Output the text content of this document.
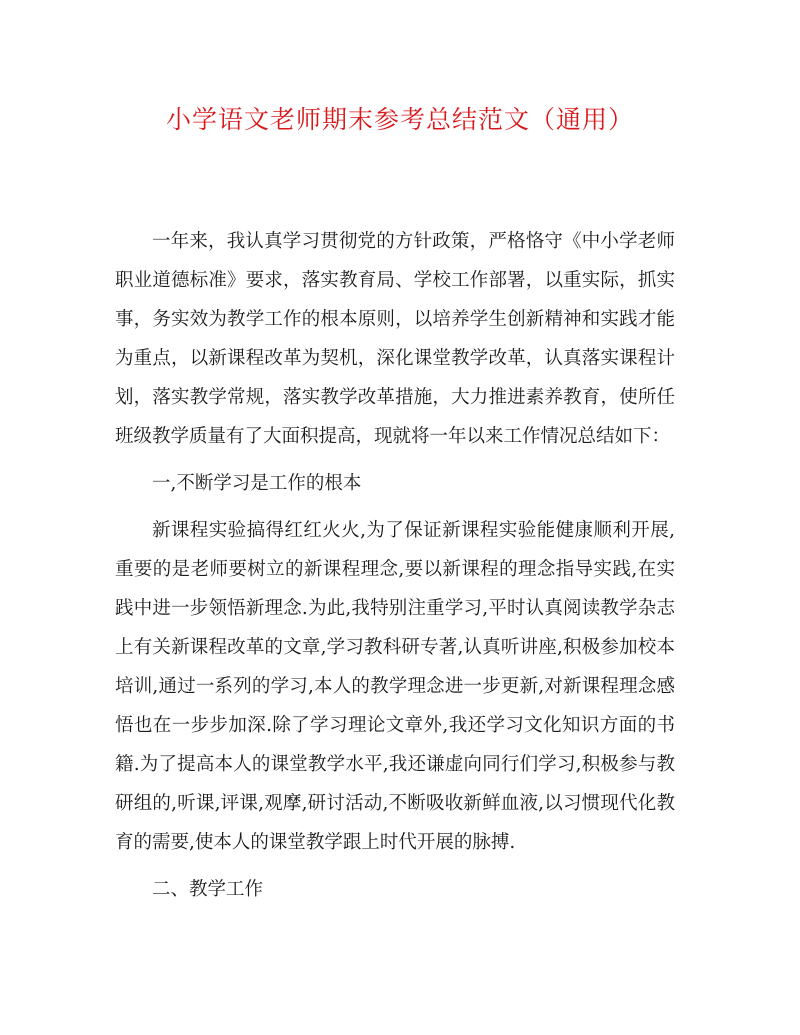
小学语文老师期末参考总结范文（通用）

一年来，我认真学习贯彻党的方针政策，严格恪守《中小学老师职业道德标准》要求，落实教育局、学校工作部署，以重实际，抓实事，务实效为教学工作的根本原则，以培养学生创新精神和实践才能为重点，以新课程改革为契机，深化课堂教学改革，认真落实课程计划，落实教学常规，落实教学改革措施，大力推进素养教育，使所任班级教学质量有了大面积提高，现就将一年以来工作情况总结如下：

一,不断学习是工作的根本

新课程实验搞得红红火火,为了保证新课程实验能健康顺利开展,重要的是老师要树立的新课程理念,要以新课程的理念指导实践,在实践中进一步领悟新理念.为此,我特别注重学习,平时认真阅读教学杂志上有关新课程改革的文章,学习教科研专著,认真听讲座,积极参加校本培训,通过一系列的学习,本人的教学理念进一步更新,对新课程理念感悟也在一步步加深.除了学习理论文章外,我还学习文化知识方面的书籍.为了提高本人的课堂教学水平,我还谦虚向同行们学习,积极参与教研组的,听课,评课,观摩,研讨活动,不断吸收新鲜血液,以习惯现代化教育的需要,使本人的课堂教学跟上时代开展的脉搏.

二、教学工作
